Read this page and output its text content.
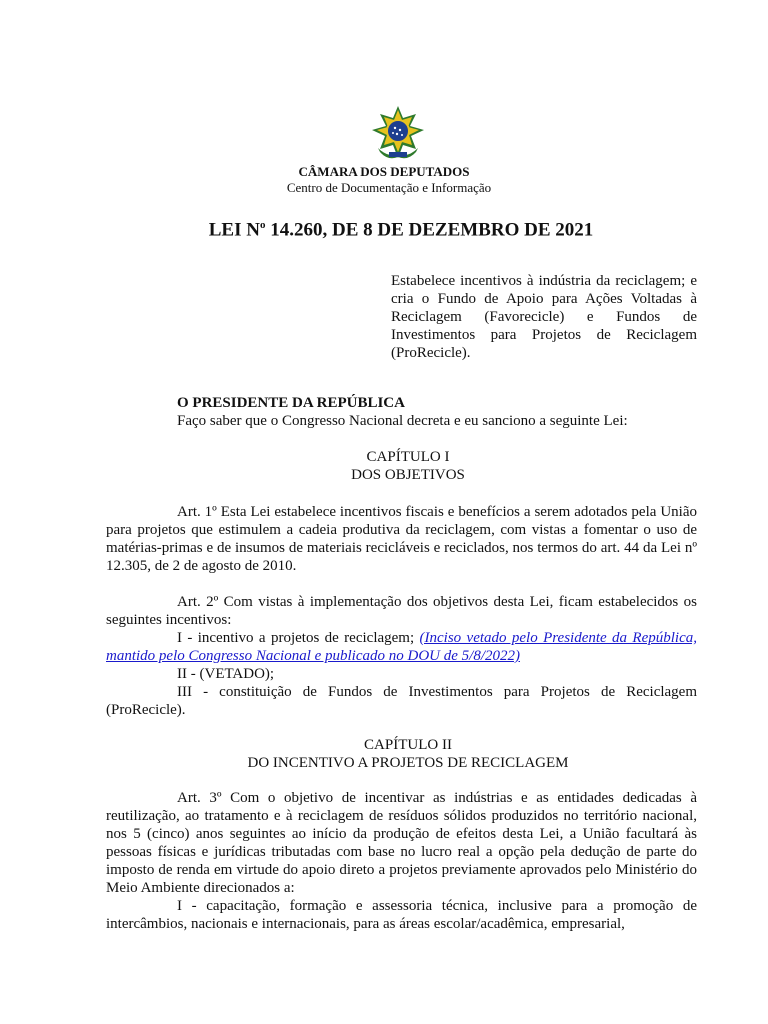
CÂMARA DOS DEPUTADOS
Centro de Documentação e Informação
LEI $N^o$ 14.260, DE 8 DE DEZEMBRO DE 2021
Estabelece incentivos à indústria da reciclagem; e cria o Fundo de Apoio para Ações Voltadas à Reciclagem (Favorecicle) e Fundos de Investimentos para Projetos de Reciclagem (ProRecicle).
O PRESIDENTE DA REPÚBLICA
Faço saber que o Congresso Nacional decreta e eu sanciono a seguinte Lei:
CAPÍTULO I
DOS OBJETIVOS

Art. 1º Esta Lei estabelece incentivos fiscais e benefícios a serem adotados pela União para projetos que estimulem a cadeia produtiva da reciclagem, com vistas a fomentar o uso de matérias-primas e de insumos de materiais recicláveis e reciclados, nos termos do art. 44 da Lei nº 12.305, de 2 de agosto de 2010.

Art. 2º Com vistas à implementação dos objetivos desta Lei, ficam estabelecidos os seguintes incentivos:

I - incentivo a projetos de reciclagem; (Inciso vetado pelo Presidente da República, mantido pelo Congresso Nacional e publicado no DOU de 5/8/2022)

II - (VETADO);

III - constituição de Fundos de Investimentos para Projetos de Reciclagem (ProRecicle).

CAPÍTULO II
DO INCENTIVO A PROJETOS DE RECICLAGEM

Art. 3º Com o objetivo de incentivar as indústrias e as entidades dedicadas à reutilização, ao tratamento e à reciclagem de resíduos sólidos produzidos no território nacional, nos 5 (cinco) anos seguintes ao início da produção de efeitos desta Lei, a União facultará às pessoas físicas e jurídicas tributadas com base no lucro real a opção pela dedução de parte do imposto de renda em virtude do apoio direto a projetos previamente aprovados pelo Ministério do Meio Ambiente direcionados a:

I - capacitação, formação e assessoria técnica, inclusive para a promoção de intercâmbios, nacionais e internacionais, para as áreas escolar/acadêmica, empresarial,
